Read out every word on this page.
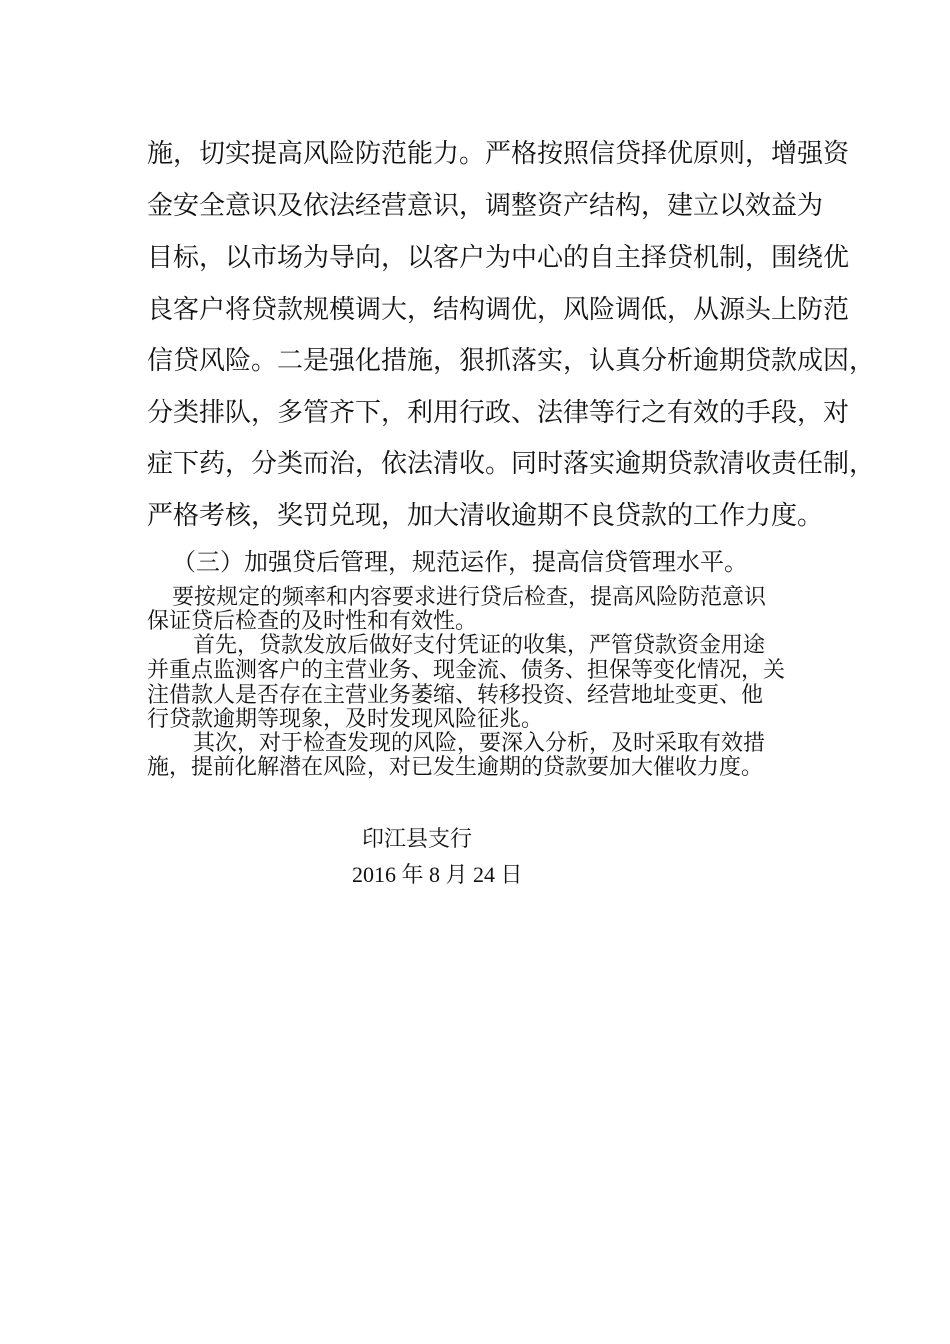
施，切实提高风险防范能力。严格按照信贷择优原则，增强资

金安全意识及依法经营意识，调整资产结构，建立以效益为

目标，以市场为导向，以客户为中心的自主择贷机制，围绕优

良客户将贷款规模调大，结构调优，风险调低，从源头上防范

信贷风险。二是强化措施，狠抓落实，认真分析逾期贷款成因，

分类排队，多管齐下，利用行政、法律等行之有效的手段，对

症下药，分类而治，依法清收。同时落实逾期贷款清收责任制，

严格考核，奖罚兑现，加大清收逾期不良贷款的工作力度。

（三）加强贷后管理，规范运作，提高信贷管理水平。

要按规定的频率和内容要求进行贷后检查，提高风险防范意识

保证贷后检查的及时性和有效性。

首先，贷款发放后做好支付凭证的收集，严管贷款资金用途

并重点监测客户的主营业务、现金流、债务、担保等变化情况，关

注借款人是否存在主营业务萎缩、转移投资、经营地址变更、他

行贷款逾期等现象，及时发现风险征兆。

其次，对于检查发现的风险，要深入分析，及时采取有效措

施，提前化解潜在风险，对已发生逾期的贷款要加大催收力度。

印江县支行

2016 年 8 月 24 日
